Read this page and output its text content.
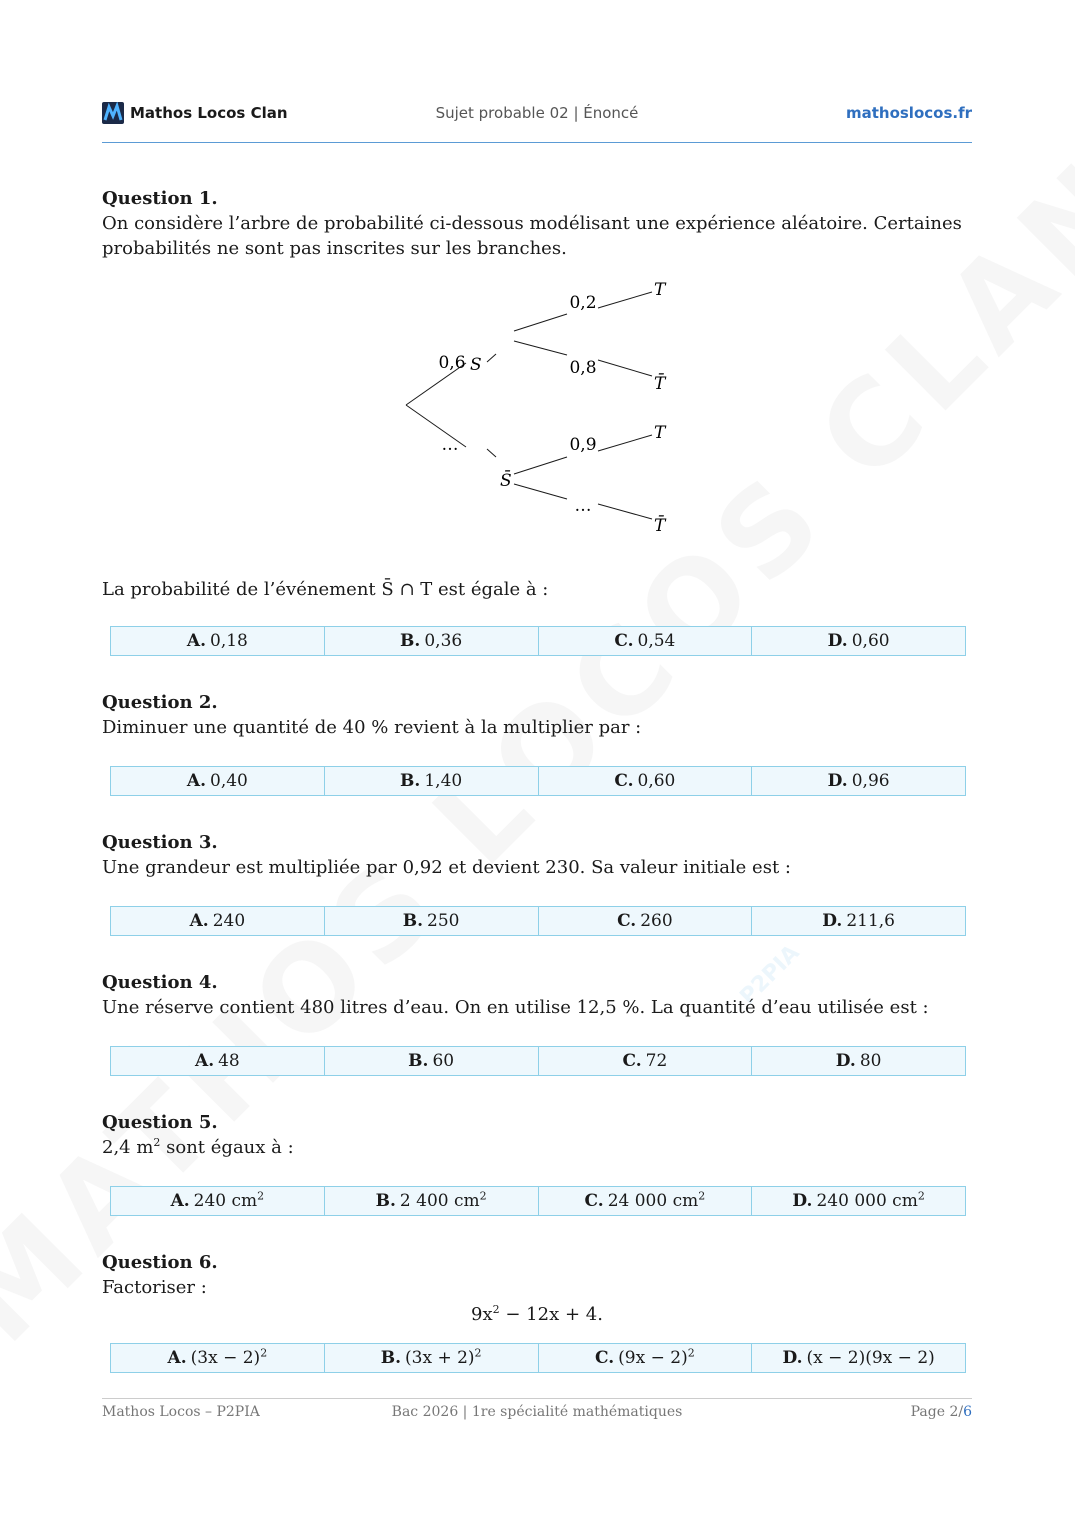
P2PIA
Mathos Locos Clan	Sujet probable 02 | Énoncé	mathoslocos.fr

Question 1.

On considère l’arbre de probabilité ci-dessous modélisant une expérience aléatoire. Certaines probabilités ne sont pas inscrites sur les branches.

S
0,6
S̄
…
T
0,2
T̄
0,8
T
0,9
T̄
…

La probabilité de l’événement S̄ ∩ T est égale à :

A. 0,18	B. 0,36	C. 0,54	D. 0,60

Question 2.

Diminuer une quantité de 40 % revient à la multiplier par :

A. 0,40	B. 1,40	C. 0,60	D. 0,96

Question 3.

Une grandeur est multipliée par 0,92 et devient 230. Sa valeur initiale est :

A. 240	B. 250	C. 260	D. 211,6

Question 4.

Une réserve contient 480 litres d’eau. On en utilise 12,5 %. La quantité d’eau utilisée est :

A. 48	B. 60	C. 72	D. 80

Question 5.

2,4 $m^2$ sont égaux à :

A. 240 $cm^2$	B. 2 400 $cm^2$	C. 24 000 $cm^2$	D. 240 000 $cm^2$

Question 6.

Factoriser :

$9x^2 - 12x + 4$.
A. $(3x - 2)^2$	B. $(3x + 2)^2$	C. $(9x - 2)^2$	D. (x − 2)(9x − 2)
Mathos Locos – P2PIA	Bac 2026 | 1re spécialité mathématiques	Page 2/6
